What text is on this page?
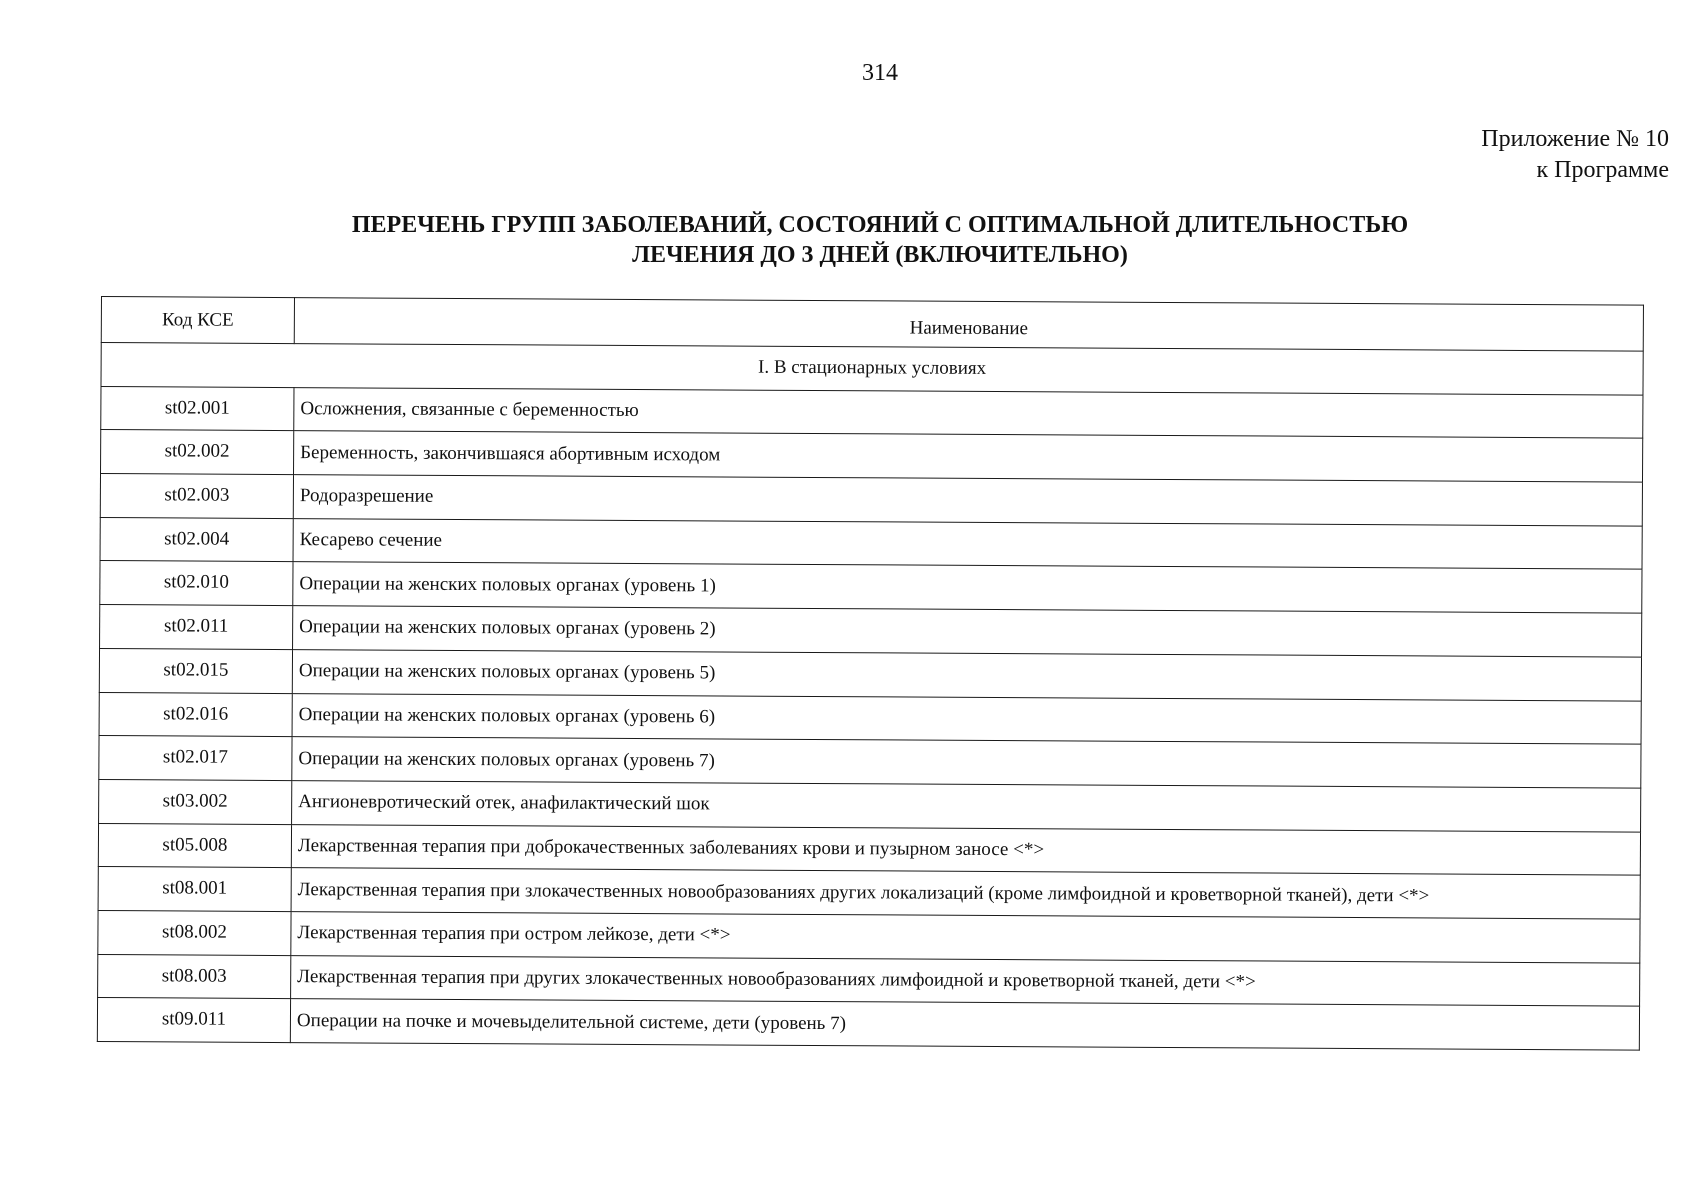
314
Приложение № 10
к Программе
ПЕРЕЧЕНЬ ГРУПП ЗАБОЛЕВАНИЙ, СОСТОЯНИЙ С ОПТИМАЛЬНОЙ ДЛИТЕЛЬНОСТЬЮ
ЛЕЧЕНИЯ ДО 3 ДНЕЙ (ВКЛЮЧИТЕЛЬНО)
Код КСЕ	Наименование
I. В стационарных условиях	
st02.001	Осложнения, связанные с беременностью
st02.002	Беременность, закончившаяся абортивным исходом
st02.003	Родоразрешение
st02.004	Кесарево сечение
st02.010	Операции на женских половых органах (уровень 1)
st02.011	Операции на женских половых органах (уровень 2)
st02.015	Операции на женских половых органах (уровень 5)
st02.016	Операции на женских половых органах (уровень 6)
st02.017	Операции на женских половых органах (уровень 7)
st03.002	Ангионевротический отек, анафилактический шок
st05.008	Лекарственная терапия при доброкачественных заболеваниях крови и пузырном заносе <*>
st08.001	Лекарственная терапия при злокачественных новообразованиях других локализаций (кроме лимфоидной и кроветворной тканей), дети <*>
st08.002	Лекарственная терапия при остром лейкозе, дети <*>
st08.003	Лекарственная терапия при других злокачественных новообразованиях лимфоидной и кроветворной тканей, дети <*>
st09.011	Операции на почке и мочевыделительной системе, дети (уровень 7)
